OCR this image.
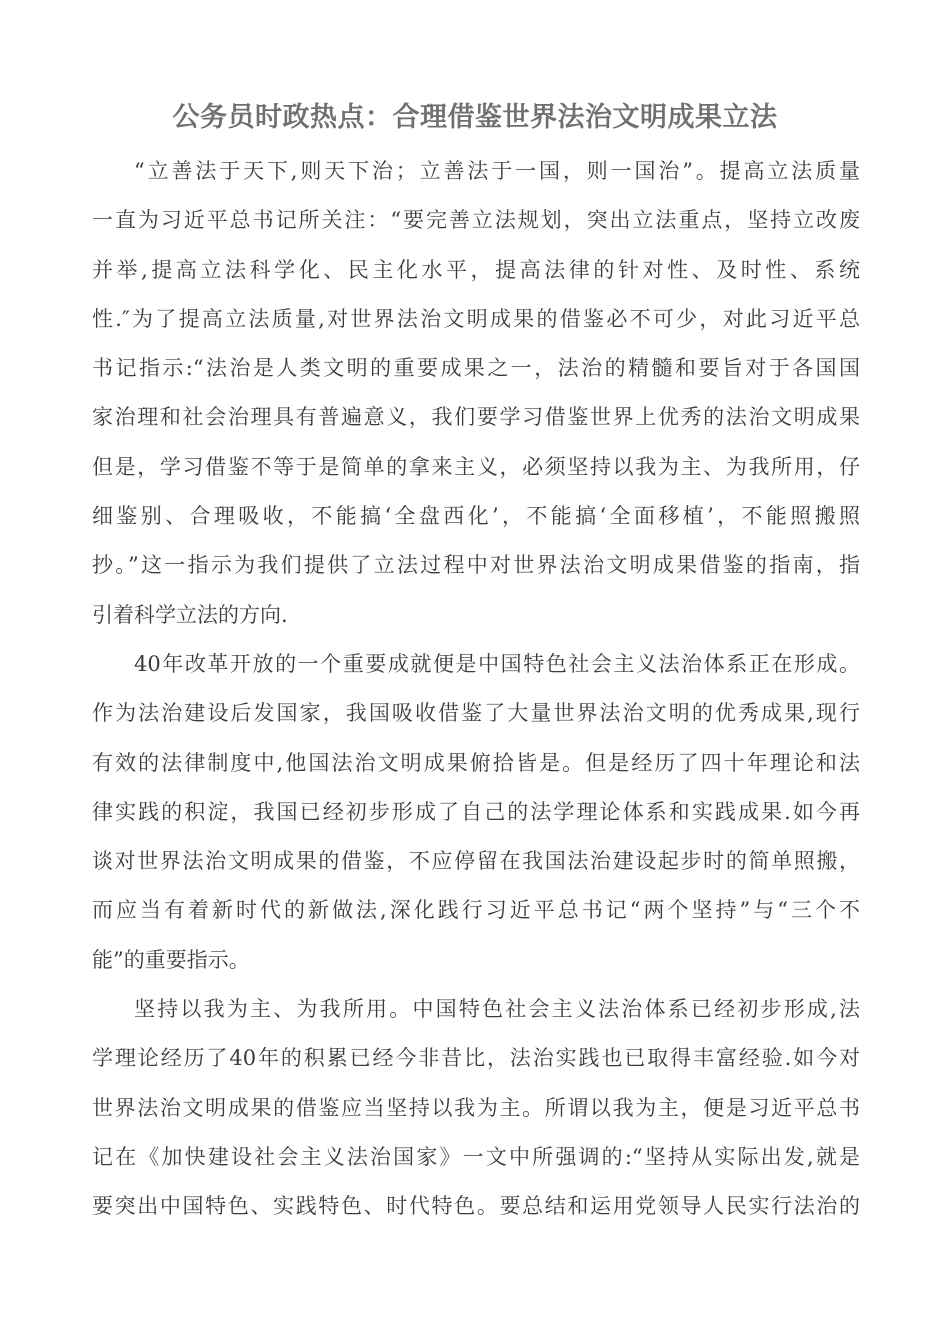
公务员时政热点：合理借鉴世界法治文明成果立法
“立善法于天下,则天下治；立善法于一国，则一国治”。提高立法质量
一直为习近平总书记所关注：“要完善立法规划，突出立法重点，坚持立改废
并举,提高立法科学化、民主化水平，提高法律的针对性、及时性、系统
性.″为了提高立法质量,对世界法治文明成果的借鉴必不可少，对此习近平总
书记指示:“法治是人类文明的重要成果之一，法治的精髓和要旨对于各国国
家治理和社会治理具有普遍意义，我们要学习借鉴世界上优秀的法治文明成果
但是，学习借鉴不等于是简单的拿来主义，必须坚持以我为主、为我所用，仔
细鉴别、合理吸收，不能搞‘全盘西化’，不能搞‘全面移植’，不能照搬照
抄。”这一指示为我们提供了立法过程中对世界法治文明成果借鉴的指南，指
引着科学立法的方向.
40年改革开放的一个重要成就便是中国特色社会主义法治体系正在形成。
作为法治建设后发国家，我国吸收借鉴了大量世界法治文明的优秀成果,现行
有效的法律制度中,他国法治文明成果俯拾皆是。但是经历了四十年理论和法
律实践的积淀，我国已经初步形成了自己的法学理论体系和实践成果.如今再
谈对世界法治文明成果的借鉴，不应停留在我国法治建设起步时的简单照搬，
而应当有着新时代的新做法,深化践行习近平总书记“两个坚持”与“三个不
能”的重要指示。
坚持以我为主、为我所用。中国特色社会主义法治体系已经初步形成,法
学理论经历了40年的积累已经今非昔比，法治实践也已取得丰富经验.如今对
世界法治文明成果的借鉴应当坚持以我为主。所谓以我为主，便是习近平总书
记在《加快建设社会主义法治国家》一文中所强调的:“坚持从实际出发,就是
要突出中国特色、实践特色、时代特色。要总结和运用党领导人民实行法治的
